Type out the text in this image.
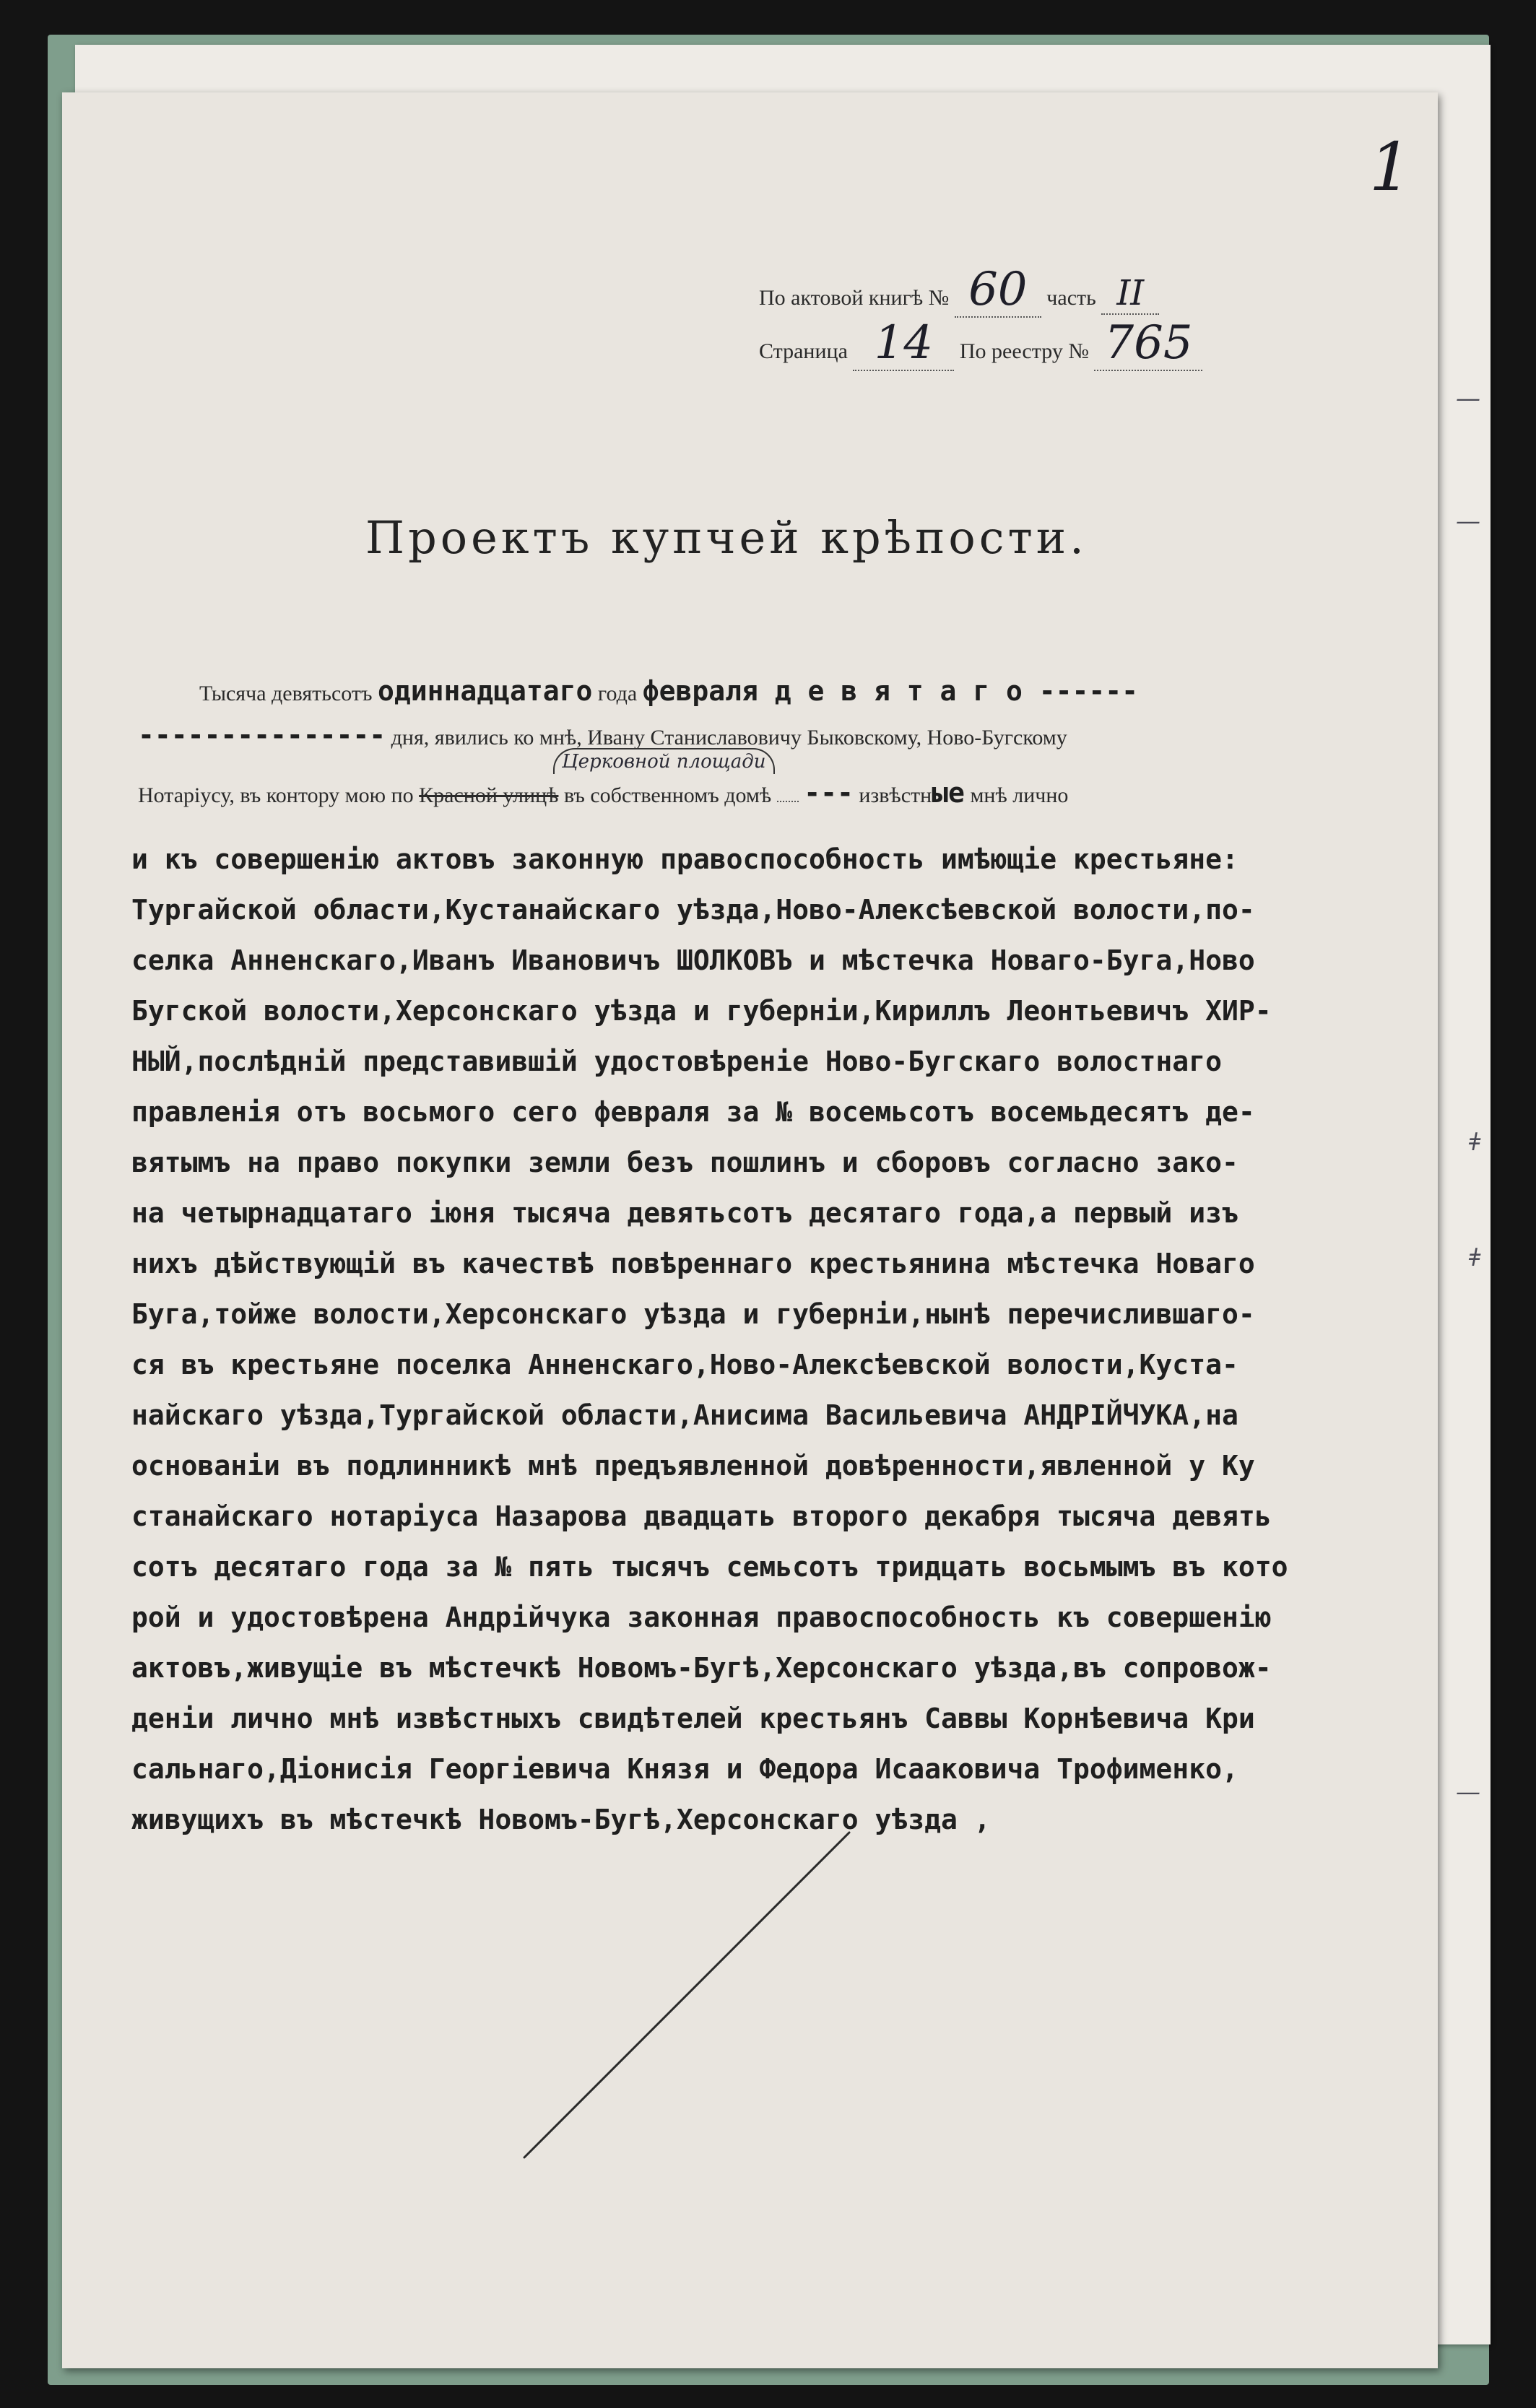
—
—
ǂ
ǂ
—
1
По актовой книгѣ № 60 часть II
Страница 14 По реестру № 765
Проектъ купчей крѣпости.
Тысяча девятьсотъ одиннадцатаго года февраля д е в я т а г о ------
--------------- дня, явились ко мнѣ, Ивану Станиславовичу Быковскому, Ново-Бугскому
Церковной площади
Нотаріусу, въ контору мою по Красной улицѣ въ собственномъ домѣ --- извѣстные мнѣ лично
и къ совершенію актовъ законную правоспособность имѣющіе крестьяне:
Тургайской области,Кустанайскаго уѣзда,Ново-Алексѣевской волости,по-
селка Анненскаго,Иванъ Ивановичъ ШОЛКОВЪ и мѣстечка Новаго-Буга,Ново
Бугской волости,Херсонскаго уѣзда и губерніи,Кириллъ Леонтьевичъ ХИР-
НЫЙ,послѣдній представившій удостовѣреніе Ново-Бугскаго волостнаго
правленія отъ восьмого сего февраля за № восемьсотъ восемьдесятъ де-
вятымъ на право покупки земли безъ пошлинъ и сборовъ согласно зако-
на четырнадцатаго іюня тысяча девятьсотъ десятаго года,а первый изъ
нихъ дѣйствующій въ качествѣ повѣреннаго крестьянина мѣстечка Новаго
Буга,тойже волости,Херсонскаго уѣзда и губерніи,нынѣ перечислившаго-
ся въ крестьяне поселка Анненскаго,Ново-Алексѣевской волости,Куста-
найскаго уѣзда,Тургайской области,Анисима Васильевича АНДРІЙЧУКА,на
основаніи въ подлинникѣ мнѣ предъявленной довѣренности,явленной у Ку
станайскаго нотаріуса Назарова двадцать второго декабря тысяча девять
сотъ десятаго года за № пять тысячъ семьсотъ тридцать восьмымъ въ кото
рой и удостовѣрена Андрійчука законная правоспособность къ совершенію
актовъ,живущіе въ мѣстечкѣ Новомъ-Бугѣ,Херсонскаго уѣзда,въ сопровож-
деніи лично мнѣ извѣстныхъ свидѣтелей крестьянъ Саввы Корнѣевича Кри
сальнаго,Діонисія Георгіевича Князя и Федора Исааковича Трофименко,
живущихъ въ мѣстечкѣ Новомъ-Бугѣ,Херсонскаго уѣзда ,
